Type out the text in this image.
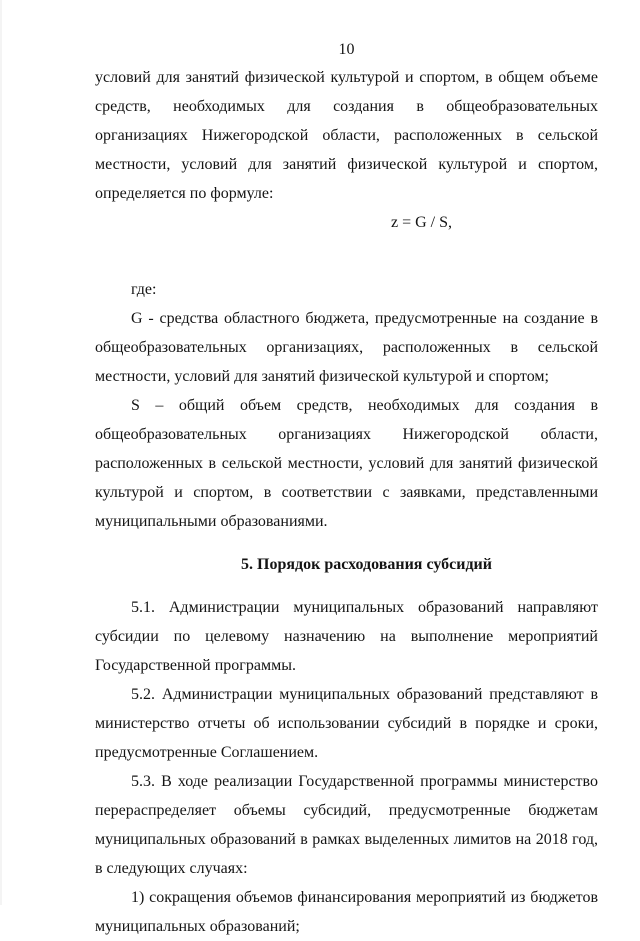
10

условий для занятий физической культурой и спортом, в общем объеме средств, необходимых для создания в общеобразовательных организациях Нижегородской области, расположенных в сельской местности, условий для занятий физической культурой и спортом, определяется по формуле:

z = G / S,

где:

G - средства областного бюджета, предусмотренные на создание в общеобразовательных организациях, расположенных в сельской местности, условий для занятий физической культурой и спортом;

S – общий объем средств, необходимых для создания в общеобразовательных организациях Нижегородской области, расположенных в сельской местности, условий для занятий физической культурой и спортом, в соответствии с заявками, представленными муниципальными образованиями.

5. Порядок расходования субсидий

5.1. Администрации муниципальных образований направляют субсидии по целевому назначению на выполнение мероприятий Государственной программы.

5.2. Администрации муниципальных образований представляют в министерство отчеты об использовании субсидий в порядке и сроки, предусмотренные Соглашением.

5.3. В ходе реализации Государственной программы министерство перераспределяет объемы субсидий, предусмотренные бюджетам муниципальных образований в рамках выделенных лимитов на 2018 год, в следующих случаях:

1) сокращения объемов финансирования мероприятий из бюджетов муниципальных образований;
